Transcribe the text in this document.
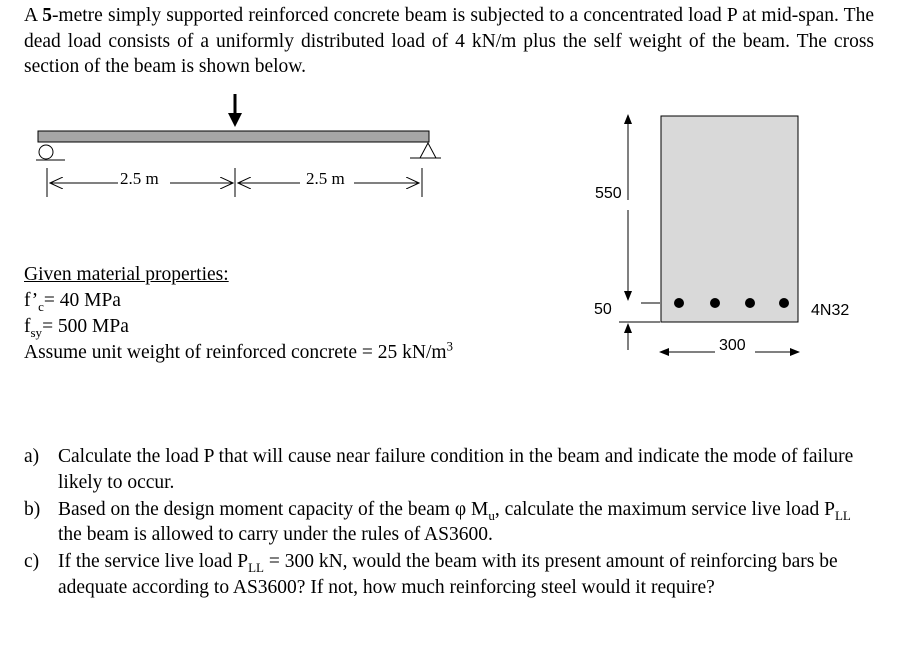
A 5-metre simply supported reinforced concrete beam is subjected to a concentrated load P at mid-span. The dead load consists of a uniformly distributed load of 4 kN/m plus the self weight of the beam. The cross section of the beam is shown below.
2.5 m	2.5 m
550
50
300
4N32
Given material properties:
$f’_c= 40$ MPa
$f_{sy}= 500$ MPa
Assume unit weight of reinforced concrete = 25 $kN/m^3$
a) Calculate the load P that will cause near failure condition in the beam and indicate the mode of failure likely to occur.
b) Based on the design moment capacity of the beam φ $M_u$, calculate the maximum service live load $P_{LL}$ the beam is allowed to carry under the rules of AS3600.
c) If the service live load $P_{LL} = 300$ kN, would the beam with its present amount of reinforcing bars be adequate according to AS3600? If not, how much reinforcing steel would it require?
